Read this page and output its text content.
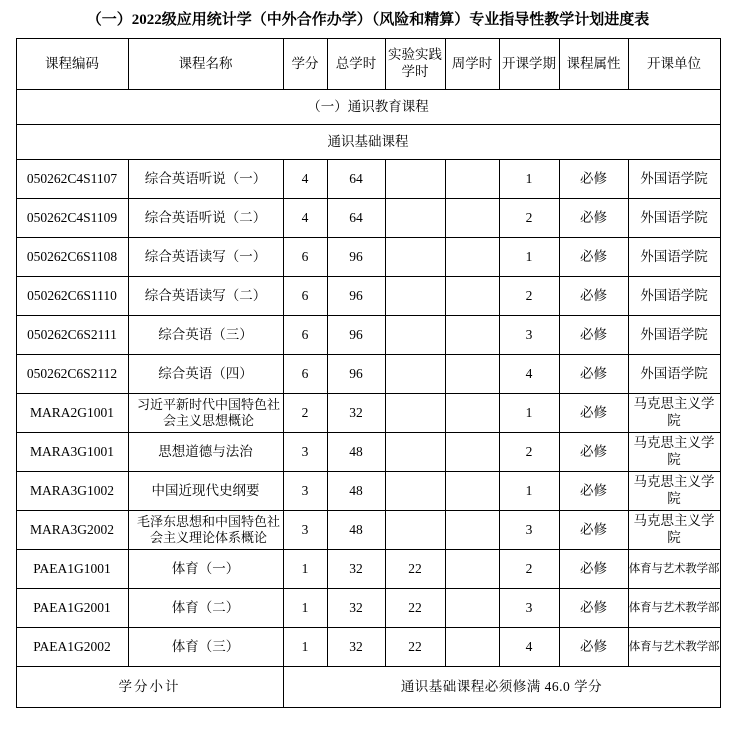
（一）2022级应用统计学（中外合作办学）（风险和精算）专业指导性教学计划进度表
课程编码	课程名称	学分	总学时	实验实践学时	周学时	开课学期	课程属性	开课单位
（一）通识教育课程								
通识基础课程								
050262C4S1107	综合英语听说（一）	4	64			1	必修	外国语学院
050262C4S1109	综合英语听说（二）	4	64			2	必修	外国语学院
050262C6S1108	综合英语读写（一）	6	96			1	必修	外国语学院
050262C6S1110	综合英语读写（二）	6	96			2	必修	外国语学院
050262C6S2111	综合英语（三）	6	96			3	必修	外国语学院
050262C6S2112	综合英语（四）	6	96			4	必修	外国语学院
MARA2G1001	习近平新时代中国特色社会主义思想概论	2	32			1	必修	马克思主义学院
MARA3G1001	思想道德与法治	3	48			2	必修	马克思主义学院
MARA3G1002	中国近现代史纲要	3	48			1	必修	马克思主义学院
MARA3G2002	毛泽东思想和中国特色社会主义理论体系概论	3	48			3	必修	马克思主义学院
PAEA1G1001	体育（一）	1	32	22		2	必修	体育与艺术教学部
PAEA1G2001	体育（二）	1	32	22		3	必修	体育与艺术教学部
PAEA1G2002	体育（三）	1	32	22		4	必修	体育与艺术教学部
学分小计		通识基础课程必须修满 46.0 学分						
